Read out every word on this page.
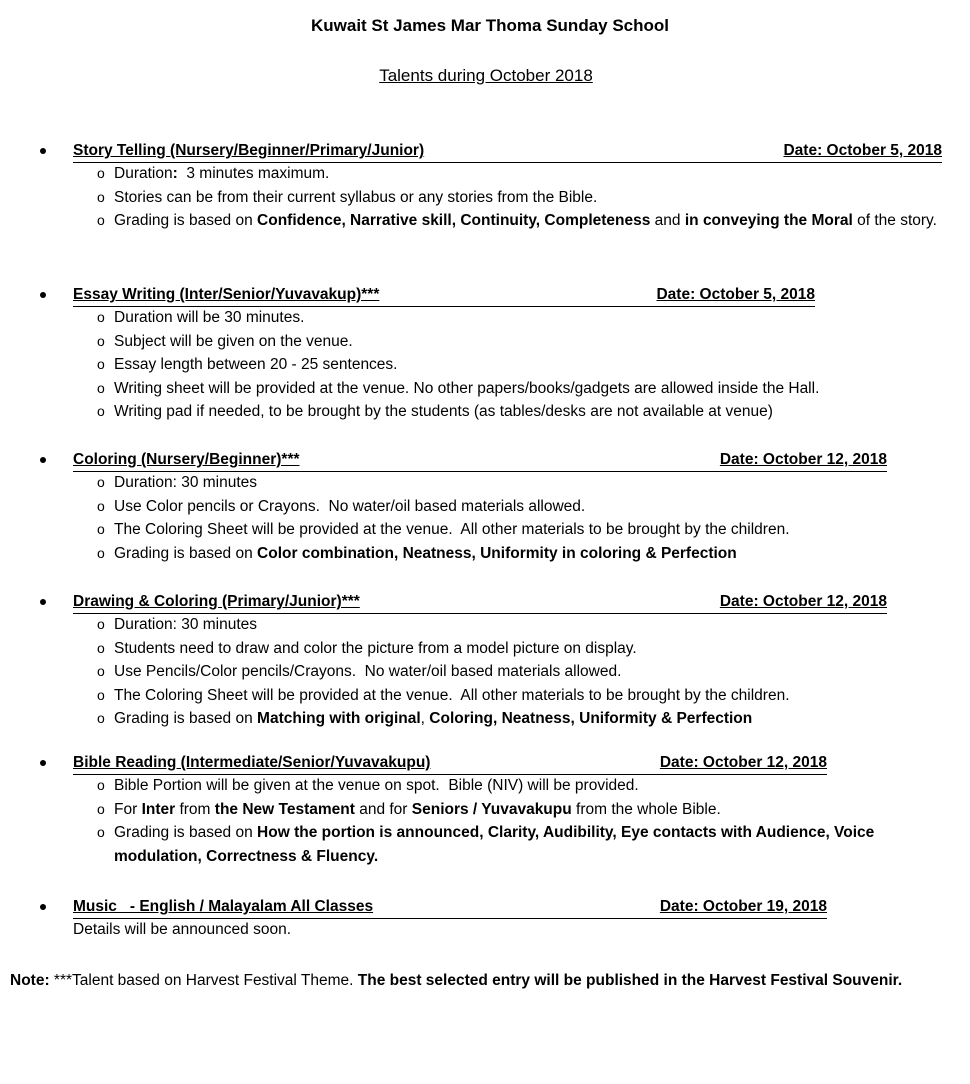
Kuwait St James Mar Thoma Sunday School
Talents during October 2018
Story Telling (Nursery/Beginner/Primary/Junior)	Date: October 5, 2018
o Duration:  3 minutes maximum.
o Stories can be from their current syllabus or any stories from the Bible.
o Grading is based on Confidence, Narrative skill, Continuity, Completeness and in conveying the Moral of the story.
Essay Writing (Inter/Senior/Yuvavakup)***	Date: October 5, 2018
o Duration will be 30 minutes.
o Subject will be given on the venue.
o Essay length between 20 - 25 sentences.
o Writing sheet will be provided at the venue. No other papers/books/gadgets are allowed inside the Hall.
o Writing pad if needed, to be brought by the students (as tables/desks are not available at venue)
Coloring (Nursery/Beginner)***	Date: October 12, 2018
o Duration: 30 minutes
o Use Color pencils or Crayons.  No water/oil based materials allowed.
o The Coloring Sheet will be provided at the venue.  All other materials to be brought by the children.
o Grading is based on Color combination, Neatness, Uniformity in coloring & Perfection
Drawing & Coloring (Primary/Junior)***	Date: October 12, 2018
o Duration: 30 minutes
o Students need to draw and color the picture from a model picture on display.
o Use Pencils/Color pencils/Crayons.  No water/oil based materials allowed.
o The Coloring Sheet will be provided at the venue.  All other materials to be brought by the children.
o Grading is based on Matching with original, Coloring, Neatness, Uniformity & Perfection
Bible Reading (Intermediate/Senior/Yuvavakupu)	Date: October 12, 2018
o Bible Portion will be given at the venue on spot.  Bible (NIV) will be provided.
o For Inter from the New Testament and for Seniors / Yuvavakupu from the whole Bible.
o Grading is based on How the portion is announced, Clarity, Audibility, Eye contacts with Audience, Voice modulation, Correctness & Fluency.
Music   - English / Malayalam All Classes	Date: October 19, 2018
Details will be announced soon.
Note: ***Talent based on Harvest Festival Theme. The best selected entry will be published in the Harvest Festival Souvenir.
